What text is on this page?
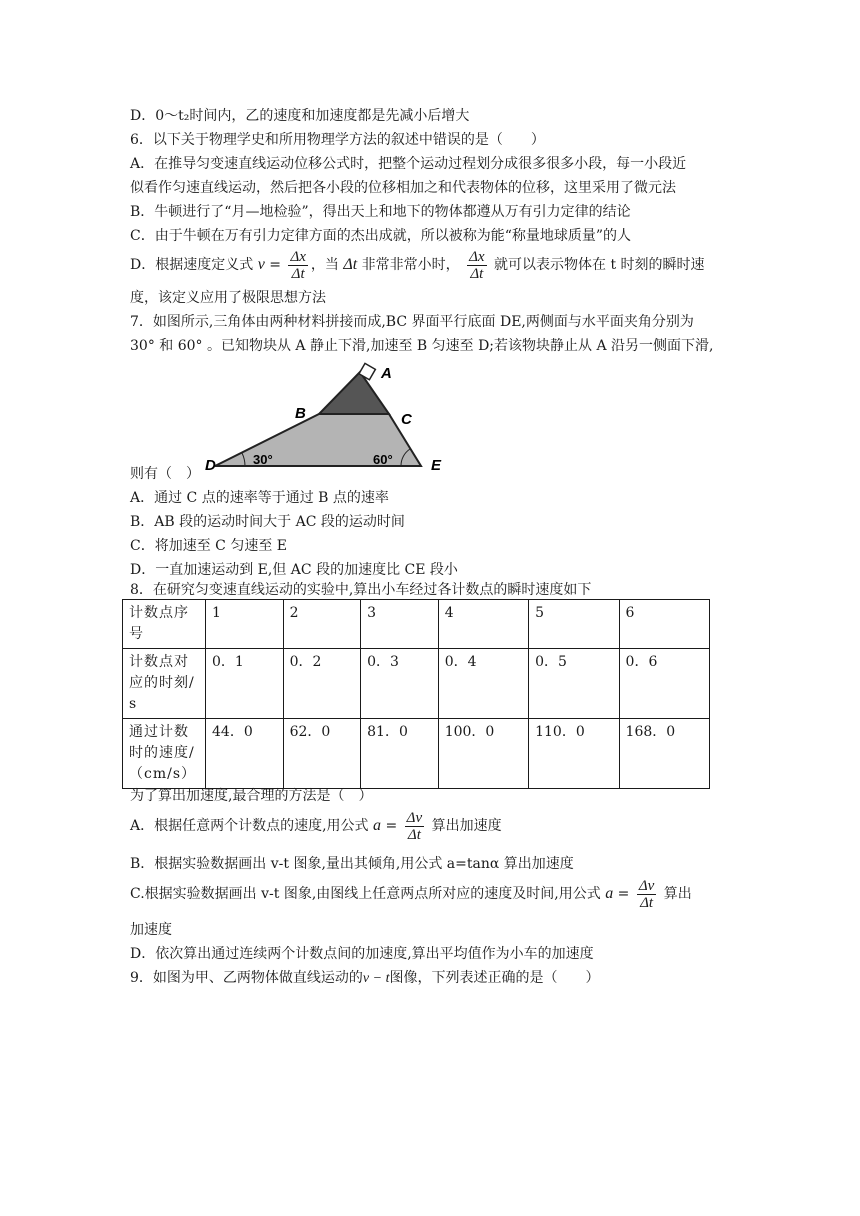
D．0～t₂时间内，乙的速度和加速度都是先减小后增大
6．以下关于物理学史和所用物理学方法的叙述中错误的是（　　）
A．在推导匀变速直线运动位移公式时，把整个运动过程划分成很多很多小段，每一小段近
似看作匀速直线运动，然后把各小段的位移相加之和代表物体的位移，这里采用了微元法
B．牛顿进行了“月—地检验”，得出天上和地下的物体都遵从万有引力定律的结论
C．由于牛顿在万有引力定律方面的杰出成就，所以被称为能“称量地球质量”的人
D．根据速度定义式 $v = \frac{\Delta x}{\Delta t}$ ，当 Δt 非常非常小时， $\frac{\Delta x}{\Delta t}$ 就可以表示物体在 t 时刻的瞬时速
度，该定义应用了极限思想方法
7．如图所示,三角体由两种材料拼接而成,BC 界面平行底面 DE,两侧面与水平面夹角分别为
30° 和 60° 。已知物块从 A 静止下滑,加速至 B 匀速至 D;若该物块静止从 A 沿另一侧面下滑,
A
B	C
D	E
30°	60°
则有（　）
A．通过 C 点的速率等于通过 B 点的速率
B．AB 段的运动时间大于 AC 段的运动时间
C．将加速至 C 匀速至 E
D．一直加速运动到 E,但 AC 段的加速度比 CE 段小
8．在研究匀变速直线运动的实验中,算出小车经过各计数点的瞬时速度如下
计数点序号	1	2	3	4	5	6
计数点对应的时刻/s	0．1	0．2	0．3	0．4	0．5	0．6
通过计数时的速度/（cm/s）	44．0	62．0	81．0	100．0	110．0	168．0
为了算出加速度,最合理的方法是（　）
A．根据任意两个计数点的速度,用公式 $a = \frac{\Delta v}{\Delta t}$ 算出加速度
B．根据实验数据画出 v-t 图象,量出其倾角,用公式 a=tanα 算出加速度
C.根据实验数据画出 v-t 图象,由图线上任意两点所对应的速度及时间,用公式 $a = \frac{\Delta v}{\Delta t}$ 算出
加速度
D．依次算出通过连续两个计数点间的加速度,算出平均值作为小车的加速度
9．如图为甲、乙两物体做直线运动的v − t图像，下列表述正确的是（　　）
